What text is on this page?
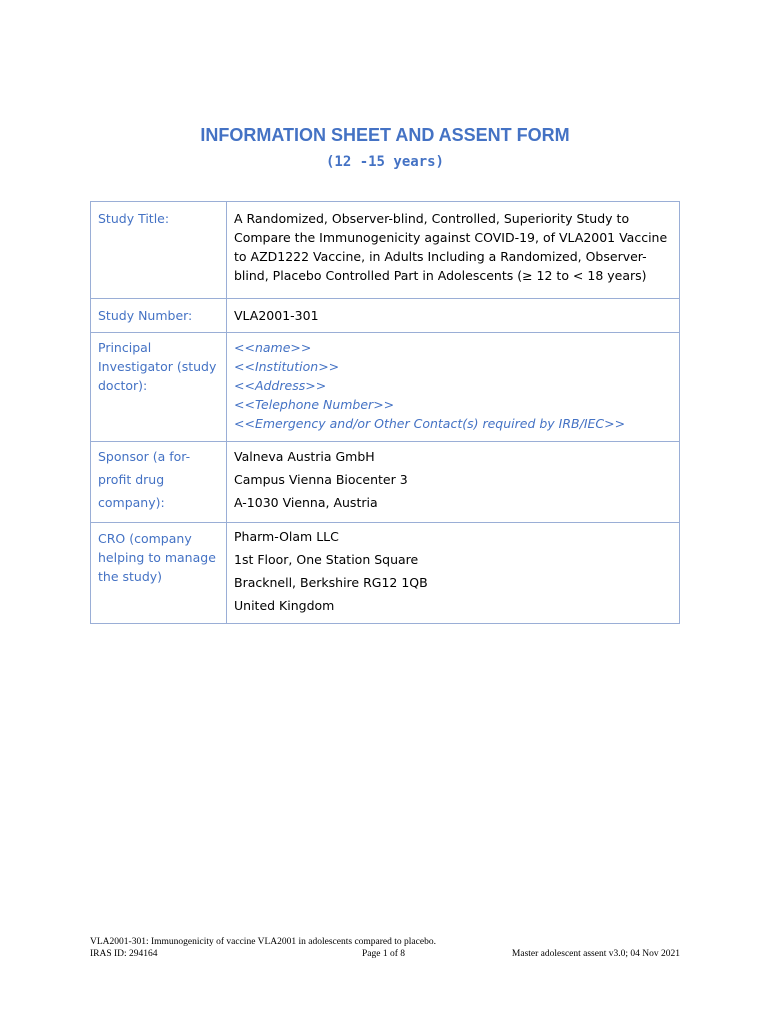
INFORMATION SHEET AND ASSENT FORM
(12 -15 years)
Study Title:	A Randomized, Observer-blind, Controlled, Superiority Study to Compare the Immunogenicity against COVID-19, of VLA2001 Vaccine to AZD1222 Vaccine, in Adults Including a Randomized, Observer-blind, Placebo Controlled Part in Adolescents (≥ 12 to < 18 years)
Study Number:	VLA2001-301
Principal Investigator (study doctor):	<<name>>
<<Institution>>
<<Address>>
<<Telephone Number>>
<<Emergency and/or Other Contact(s) required by IRB/IEC>>

Sponsor (a for-profit drug company):	Valneva Austria GmbH
Campus Vienna Biocenter 3
A-1030 Vienna, Austria

CRO (company helping to manage the study)	Pharm-Olam LLC
1st Floor, One Station Square
Bracknell, Berkshire RG12 1QB
United Kingdom
VLA2001-301: Immunogenicity of vaccine VLA2001 in adolescents compared to placebo.
IRAS ID: 294164	Page 1 of 8	Master adolescent assent v3.0; 04 Nov 2021
